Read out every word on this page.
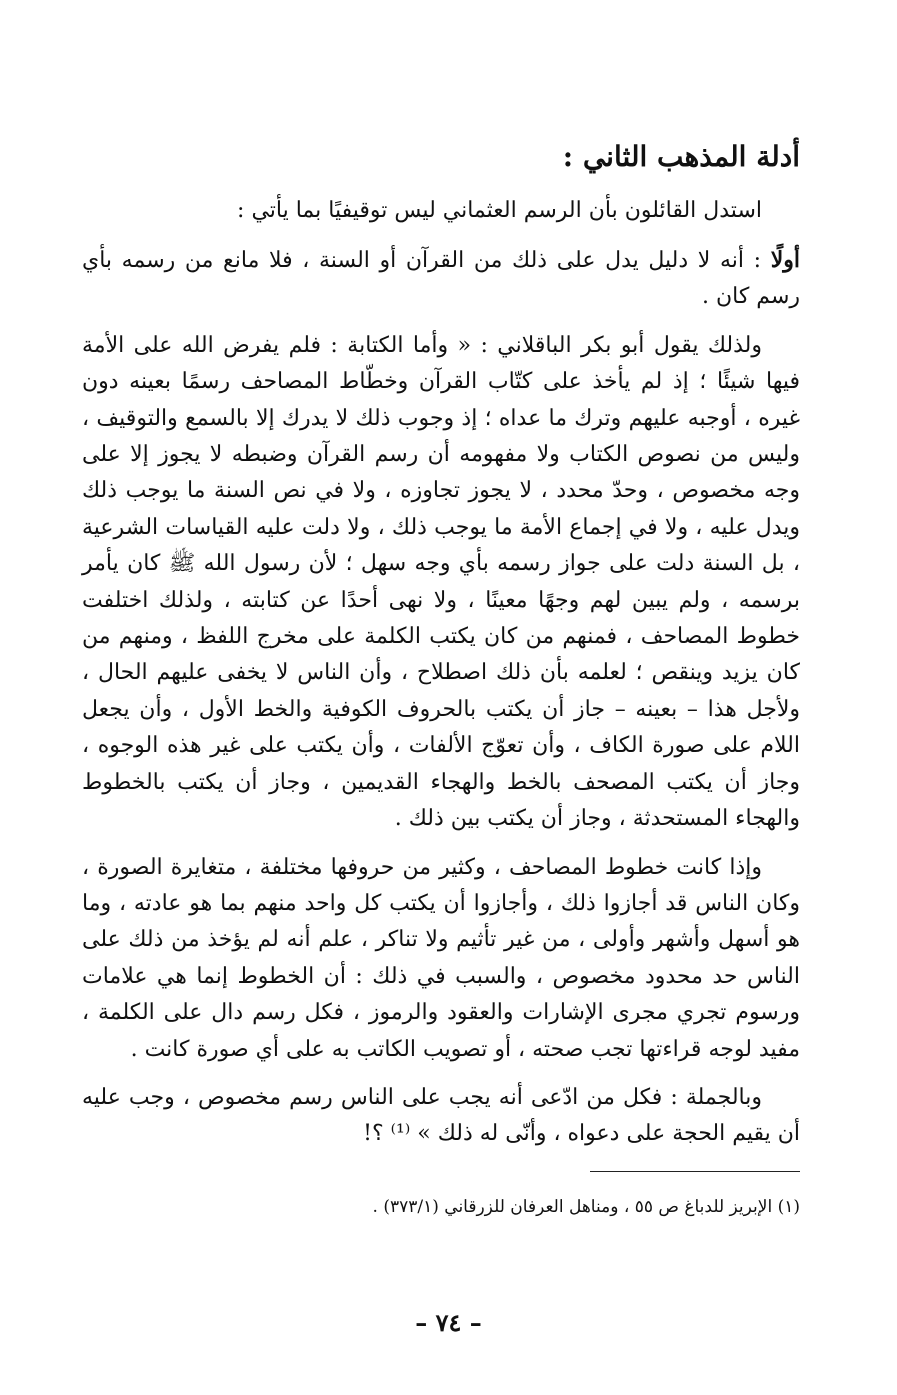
أدلة المذهب الثاني :

استدل القائلون بأن الرسم العثماني ليس توقيفيًا بما يأتي :

أولًا : أنه لا دليل يدل على ذلك من القرآن أو السنة ، فلا مانع من رسمه بأي رسم كان .

ولذلك يقول أبو بكر الباقلاني : « وأما الكتابة : فلم يفرض الله على الأمة فيها شيئًا ؛ إذ لم يأخذ على كتّاب القرآن وخطّاط المصاحف رسمًا بعينه دون غيره ، أوجبه عليهم وترك ما عداه ؛ إذ وجوب ذلك لا يدرك إلا بالسمع والتوقيف ، وليس من نصوص الكتاب ولا مفهومه أن رسم القرآن وضبطه لا يجوز إلا على وجه مخصوص ، وحدّ محدد ، لا يجوز تجاوزه ، ولا في نص السنة ما يوجب ذلك ويدل عليه ، ولا في إجماع الأمة ما يوجب ذلك ، ولا دلت عليه القياسات الشرعية ، بل السنة دلت على جواز رسمه بأي وجه سهل ؛ لأن رسول الله ﷺ كان يأمر برسمه ، ولم يبين لهم وجهًا معينًا ، ولا نهى أحدًا عن كتابته ، ولذلك اختلفت خطوط المصاحف ، فمنهم من كان يكتب الكلمة على مخرج اللفظ ، ومنهم من كان يزيد وينقص ؛ لعلمه بأن ذلك اصطلاح ، وأن الناس لا يخفى عليهم الحال ، ولأجل هذا – بعينه – جاز أن يكتب بالحروف الكوفية والخط الأول ، وأن يجعل اللام على صورة الكاف ، وأن تعوّج الألفات ، وأن يكتب على غير هذه الوجوه ، وجاز أن يكتب المصحف بالخط والهجاء القديمين ، وجاز أن يكتب بالخطوط والهجاء المستحدثة ، وجاز أن يكتب بين ذلك .

وإذا كانت خطوط المصاحف ، وكثير من حروفها مختلفة ، متغايرة الصورة ، وكان الناس قد أجازوا ذلك ، وأجازوا أن يكتب كل واحد منهم بما هو عادته ، وما هو أسهل وأشهر وأولى ، من غير تأثيم ولا تناكر ، علم أنه لم يؤخذ من ذلك على الناس حد محدود مخصوص ، والسبب في ذلك : أن الخطوط إنما هي علامات ورسوم تجري مجرى الإشارات والعقود والرموز ، فكل رسم دال على الكلمة ، مفيد لوجه قراءتها تجب صحته ، أو تصويب الكاتب به على أي صورة كانت .

وبالجملة : فكل من ادّعى أنه يجب على الناس رسم مخصوص ، وجب عليه أن يقيم الحجة على دعواه ، وأنّى له ذلك » ⁽¹⁾ ؟!

(١) الإبريز للدباغ ص ٥٥ ، ومناهل العرفان للزرقاني (٣٧٣/١) .

– ٧٤ –
